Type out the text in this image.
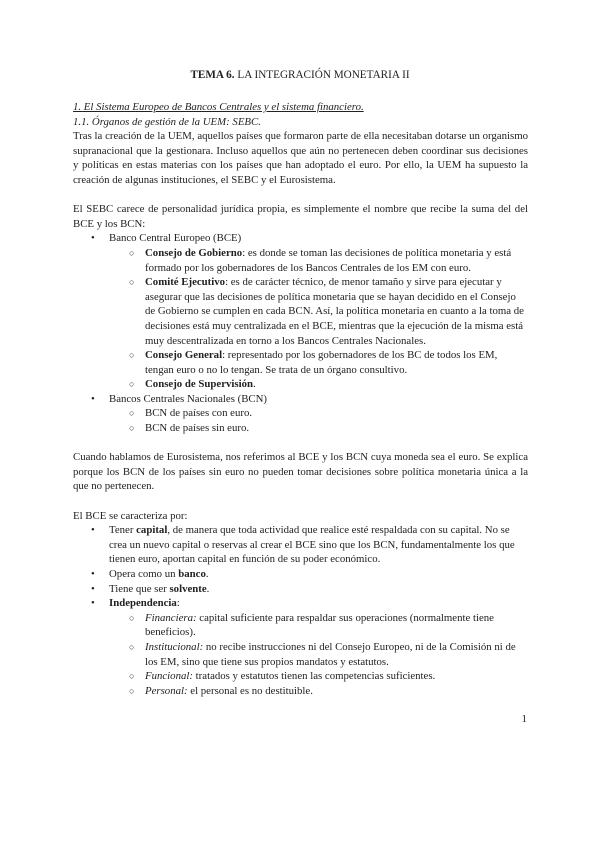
TEMA 6. LA INTEGRACIÓN MONETARIA II
1. El Sistema Europeo de Bancos Centrales y el sistema financiero.
1.1. Órganos de gestión de la UEM: SEBC.

Tras la creación de la UEM, aquellos países que formaron parte de ella necesitaban dotarse un organismo supranacional que la gestionara. Incluso aquellos que aún no pertenecen deben coordinar sus decisiones y políticas en estas materias con los países que han adoptado el euro. Por ello, la UEM ha supuesto la creación de algunas instituciones, el SEBC y el Eurosistema.

El SEBC carece de personalidad jurídica propia, es simplemente el nombre que recibe la suma del del BCE y los BCN:

• Banco Central Europeo (BCE)
○ Consejo de Gobierno: es donde se toman las decisiones de política monetaria y está formado por los gobernadores de los Bancos Centrales de los EM con euro.
○ Comité Ejecutivo: es de carácter técnico, de menor tamaño y sirve para ejecutar y asegurar que las decisiones de política monetaria que se hayan decidido en el Consejo de Gobierno se cumplen en cada BCN. Así, la política monetaria en cuanto a la toma de decisiones está muy centralizada en el BCE, mientras que la ejecución de la misma está muy descentralizada en torno a los Bancos Centrales Nacionales.
○ Consejo General: representado por los gobernadores de los BC de todos los EM, tengan euro o no lo tengan. Se trata de un órgano consultivo.
○ Consejo de Supervisión.
• Bancos Centrales Nacionales (BCN)
○ BCN de países con euro.
○ BCN de países sin euro.

Cuando hablamos de Eurosistema, nos referimos al BCE y los BCN cuya moneda sea el euro. Se explica porque los BCN de los países sin euro no pueden tomar decisiones sobre política monetaria única a la que no pertenecen.

El BCE se caracteriza por:

• Tener capital, de manera que toda actividad que realice esté respaldada con su capital. No se crea un nuevo capital o reservas al crear el BCE sino que los BCN, fundamentalmente los que tienen euro, aportan capital en función de su poder económico.
• Opera como un banco.
• Tiene que ser solvente.
• Independencia:
○ Financiera: capital suficiente para respaldar sus operaciones (normalmente tiene beneficios).
○ Institucional: no recibe instrucciones ni del Consejo Europeo, ni de la Comisión ni de los EM, sino que tiene sus propios mandatos y estatutos.
○ Funcional: tratados y estatutos tienen las competencias suficientes.
○ Personal: el personal es no destituible.
1
